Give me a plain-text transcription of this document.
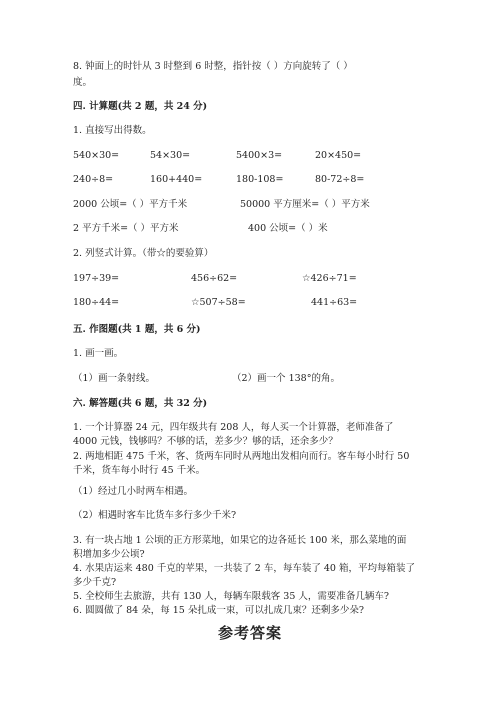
8. 钟面上的时针从 3 时整到 6 时整，指针按（ ）方向旋转了（ ）
度。
四. 计算题(共 2 题，共 24 分)
1. 直接写出得数。
540×30=	54×30=	5400×3=	20×450=
240÷8=	160+440=	180-108=	80-72÷8=
2000 公顷=（ ）平方千米	50000 平方厘米=（ ）平方米
2 平方千米=（ ）平方米	400 公顷=（ ）米
2. 列竖式计算。（带☆的要验算）
197÷39=	456÷62=	☆426÷71=
180÷44=	☆507÷58=	441÷63=
五. 作图题(共 1 题，共 6 分)
1. 画一画。
（1）画一条射线。	（2）画一个 138°的角。
六. 解答题(共 6 题，共 32 分)
1. 一个计算器 24 元，四年级共有 208 人，每人买一个计算器，老师准备了
4000 元钱，钱够吗？不够的话，差多少？够的话，还余多少？
2. 两地相距 475 千米，客、货两车同时从两地出发相向而行。客车每小时行 50
千米，货车每小时行 45 千米。
（1）经过几小时两车相遇。
（2）相遇时客车比货车多行多少千米?
3. 有一块占地 1 公顷的正方形菜地，如果它的边各延长 100 米，那么菜地的面
积增加多少公顷?
4. 水果店运来 480 千克的苹果，一共装了 2 车，每车装了 40 箱，平均每箱装了
多少千克?
5. 全校师生去旅游，共有 130 人，每辆车限载客 35 人，需要准备几辆车?
6. 圆圆做了 84 朵，每 15 朵扎成一束，可以扎成几束？还剩多少朵?
参考答案
